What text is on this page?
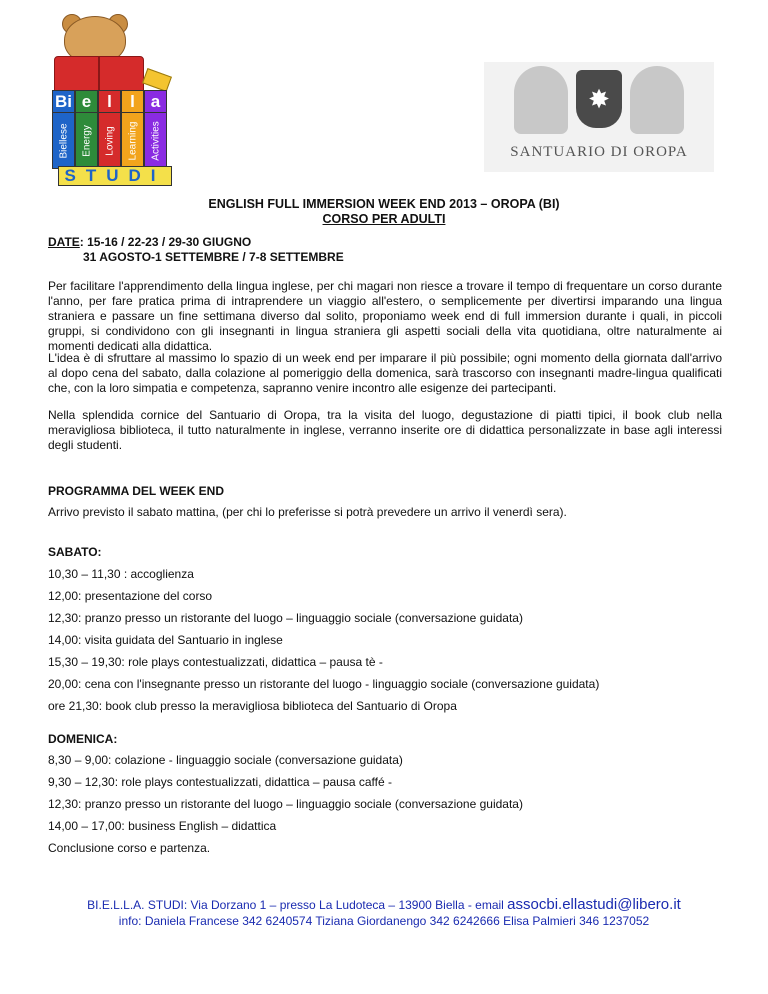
Bi e l	l a
Biellese Energy Loving Learning Activities
STUDI
✸
SANTUARIO DI OROPA
ENGLISH FULL IMMERSION WEEK END 2013 – OROPA (BI)
CORSO PER ADULTI
DATE: 15-16 / 22-23 / 29-30 GIUGNO
31 AGOSTO-1 SETTEMBRE / 7-8 SETTEMBRE
Per facilitare l'apprendimento della lingua inglese, per chi magari non riesce a trovare il tempo di frequentare un corso durante l'anno, per fare pratica prima di intraprendere un viaggio all'estero, o semplicemente per divertirsi imparando una lingua straniera e passare un fine settimana diverso dal solito, proponiamo week end di full immersion durante i quali, in piccoli gruppi, si condividono con gli insegnanti in lingua straniera gli aspetti sociali della vita quotidiana, oltre naturalmente ai momenti dedicati alla didattica.
L'idea è di sfruttare al massimo lo spazio di un week end per imparare il più possibile; ogni momento della giornata dall'arrivo al dopo cena del sabato, dalla colazione al pomeriggio della domenica, sarà trascorso con insegnanti madre-lingua qualificati che, con la loro simpatia e competenza, sapranno venire incontro alle esigenze dei partecipanti.
Nella splendida cornice del Santuario di Oropa, tra la visita del luogo, degustazione di piatti tipici, il book club nella meravigliosa biblioteca, il tutto naturalmente in inglese, verranno inserite ore di didattica personalizzate in base agli interessi degli studenti.
PROGRAMMA DEL WEEK END
Arrivo previsto il sabato mattina, (per chi lo preferisse si potrà prevedere un arrivo il venerdì sera).
SABATO:
10,30 – 11,30 : accoglienza
12,00: presentazione del corso
12,30: pranzo presso un ristorante del luogo – linguaggio sociale (conversazione guidata)
14,00: visita guidata del Santuario in inglese
15,30 – 19,30: role plays contestualizzati, didattica – pausa tè -
20,00: cena con l'insegnante presso un ristorante del luogo - linguaggio sociale (conversazione guidata)
ore 21,30: book club presso la meravigliosa biblioteca del Santuario di Oropa
DOMENICA:
8,30 – 9,00: colazione - linguaggio sociale (conversazione guidata)
9,30 – 12,30: role plays contestualizzati, didattica – pausa caffé -
12,30: pranzo presso un ristorante del luogo – linguaggio sociale (conversazione guidata)
14,00 – 17,00: business English – didattica
Conclusione corso e partenza.
BI.E.L.L.A. STUDI: Via Dorzano 1 – presso La Ludoteca – 13900 Biella - email assocbi.ellastudi@libero.it
info: Daniela Francese 342 6240574 Tiziana Giordanengo 342 6242666 Elisa Palmieri 346 1237052
